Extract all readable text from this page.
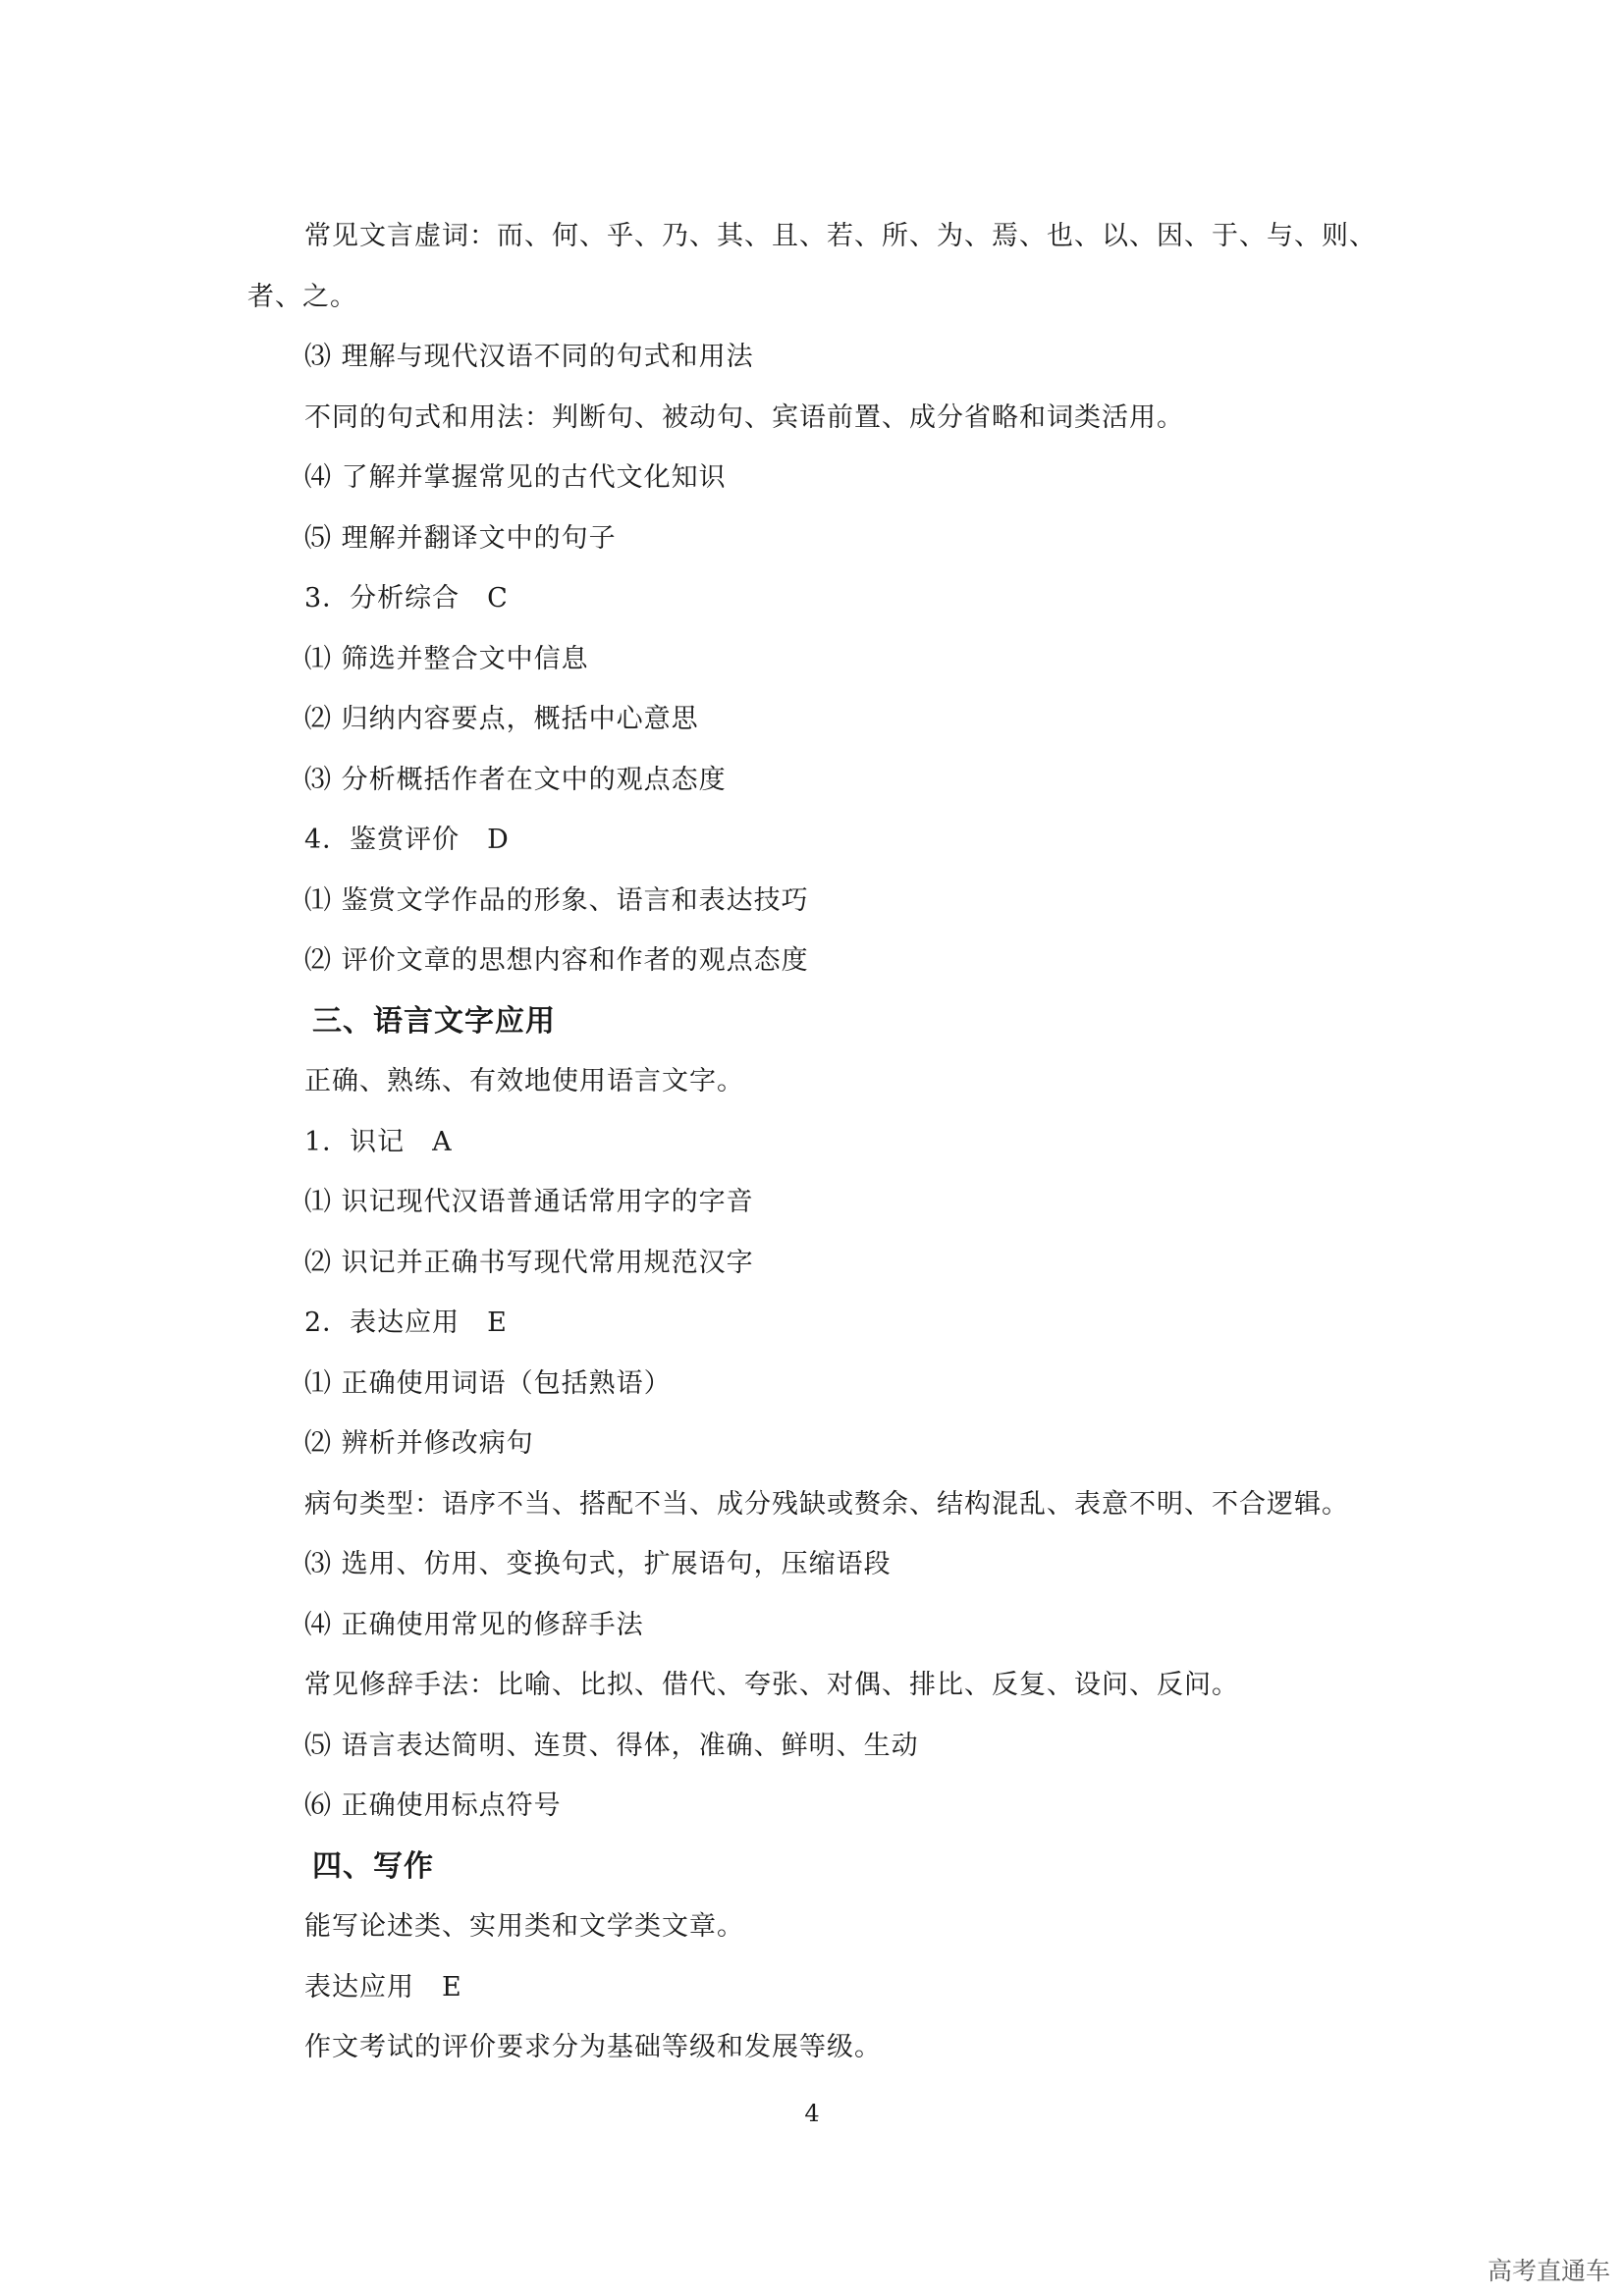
常见文言虚词：而、何、乎、乃、其、且、若、所、为、焉、也、以、因、于、与、则、者、之。
⑶ 理解与现代汉语不同的句式和用法
不同的句式和用法：判断句、被动句、宾语前置、成分省略和词类活用。
⑷ 了解并掌握常见的古代文化知识
⑸ 理解并翻译文中的句子
3．分析综合　C
⑴ 筛选并整合文中信息
⑵ 归纳内容要点，概括中心意思
⑶ 分析概括作者在文中的观点态度
4．鉴赏评价　D
⑴ 鉴赏文学作品的形象、语言和表达技巧
⑵ 评价文章的思想内容和作者的观点态度
三、语言文字应用
正确、熟练、有效地使用语言文字。
1．识记　A
⑴ 识记现代汉语普通话常用字的字音
⑵ 识记并正确书写现代常用规范汉字
2．表达应用　E
⑴ 正确使用词语（包括熟语）
⑵ 辨析并修改病句
病句类型：语序不当、搭配不当、成分残缺或赘余、结构混乱、表意不明、不合逻辑。
⑶ 选用、仿用、变换句式，扩展语句，压缩语段
⑷ 正确使用常见的修辞手法
常见修辞手法：比喻、比拟、借代、夸张、对偶、排比、反复、设问、反问。
⑸ 语言表达简明、连贯、得体，准确、鲜明、生动
⑹ 正确使用标点符号
四、写作
能写论述类、实用类和文学类文章。
表达应用　E
作文考试的评价要求分为基础等级和发展等级。
4
高考直通车
